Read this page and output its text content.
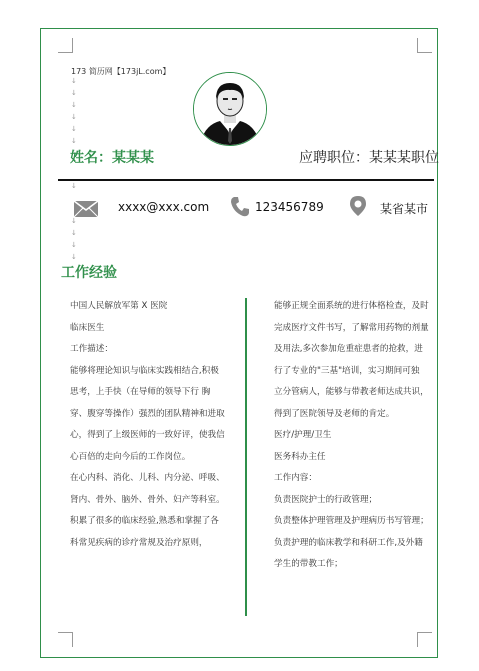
↓
↓
↓
↓
↓
↓
↓
↓
↓
↓
↓
173 简历网【173jL.com】
姓名：某某某	应聘职位：某某某职位
xxxx@xxx.com	123456789	某省某市
工作经验
中国人民解放军第 X 医院
临床医生
工作描述：
能够将理论知识与临床实践相结合,积极
思考，上手快（在导师的领导下行 胸
穿、腹穿等操作）强烈的团队精神和进取
心，得到了上级医师的一致好评，使我信
心百倍的走向今后的工作岗位。
在心内科、消化、儿科、内分泌、呼吸、
肾内、骨外、脑外、骨外、妇产等科室。
积累了很多的临床经验,熟悉和掌握了各
科常见疾病的诊疗常规及治疗原则，
能够正规全面系统的进行体格检查，及时
完成医疗文件书写，了解常用药物的剂量
及用法,多次参加危重症患者的抢救，进
行了专业的"三基"培训，实习期间可独
立分管病人，能够与带教老师达成共识，
得到了医院领导及老师的肯定。
医疗/护理/卫生
医务科办主任
工作内容：
负责医院护士的行政管理；
负责整体护理管理及护理病历书写管理；
负责护理的临床教学和科研工作,及外籍
学生的带教工作；
